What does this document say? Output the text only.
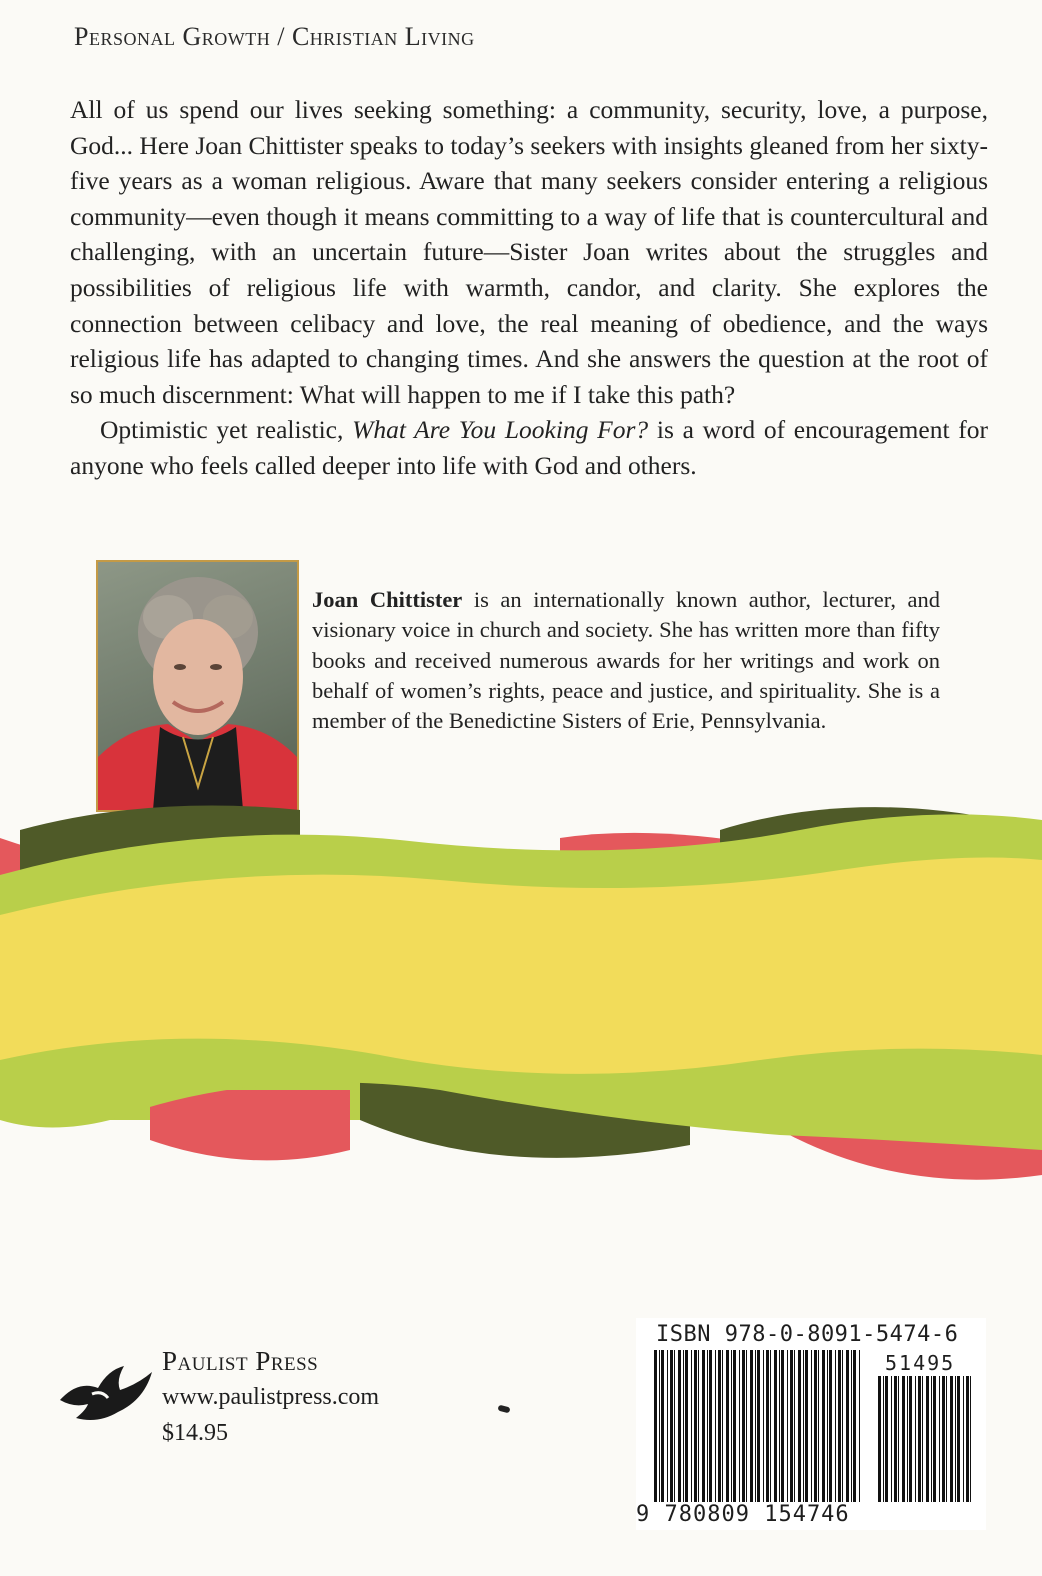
Personal Growth / Christian Living

All of us spend our lives seeking something: a community, security, love, a purpose, God... Here Joan Chittister speaks to today’s seekers with insights gleaned from her sixty-five years as a woman religious. Aware that many seekers consider entering a religious community—even though it means committing to a way of life that is countercultural and challenging, with an uncertain future—Sister Joan writes about the struggles and possibilities of religious life with warmth, candor, and clarity. She explores the connection between celibacy and love, the real meaning of obedience, and the ways religious life has adapted to changing times. And she answers the question at the root of so much discernment: What will happen to me if I take this path?

Optimistic yet realistic, What Are You Looking For? is a word of encouragement for anyone who feels called deeper into life with God and others.

Joan Chittister is an internationally known author, lecturer, and visionary voice in church and society. She has written more than fifty books and received numerous awards for her writings and work on behalf of women’s rights, peace and justice, and spirituality. She is a member of the Benedictine Sisters of Erie, Pennsylvania.
Paulist Press
www.paulistpress.com
$14.95
ISBN 978-0-8091-5474-6
51495
9 780809 154746
